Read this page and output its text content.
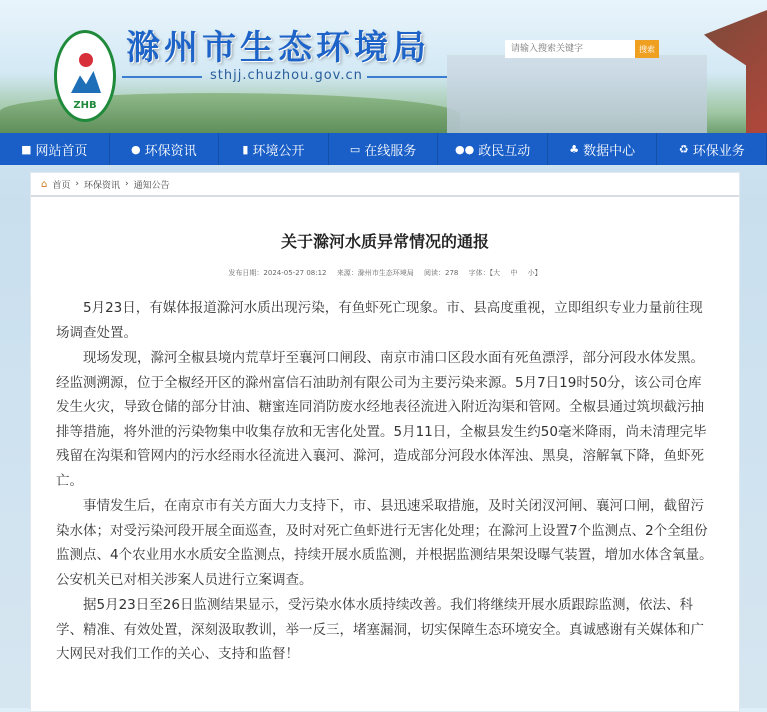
ZHB
滁州市生态环境局
sthjj.chuzhou.gov.cn
请输入搜索关键字
搜索
■ 网站首页	● 环保资讯	▮ 环境公开	▭ 在线服务	●● 政民互动	♣ 数据中心	♻ 环保业务
⌂ 首页 › 环保资讯 › 通知公告
关于滁河水质异常情况的通报
发布日期：2024-05-27 08:12 来源：滁州市生态环境局 阅读：278 字体：【大 中 小】

5月23日，有媒体报道滁河水质出现污染，有鱼虾死亡现象。市、县高度重视，立即组织专业力量前往现场调查处置。

现场发现，滁河全椒县境内荒草圩至襄河口闸段、南京市浦口区段水面有死鱼漂浮，部分河段水体发黑。经监测溯源，位于全椒经开区的滁州富信石油助剂有限公司为主要污染来源。5月7日19时50分，该公司仓库发生火灾，导致仓储的部分甘油、糖蜜连同消防废水经地表径流进入附近沟渠和管网。全椒县通过筑坝截污抽排等措施，将外泄的污染物集中收集存放和无害化处置。5月11日，全椒县发生约50毫米降雨，尚未清理完毕残留在沟渠和管网内的污水经雨水径流进入襄河、滁河，造成部分河段水体浑浊、黑臭，溶解氧下降，鱼虾死亡。

事情发生后，在南京市有关方面大力支持下，市、县迅速采取措施，及时关闭汊河闸、襄河口闸，截留污染水体；对受污染河段开展全面巡查，及时对死亡鱼虾进行无害化处理；在滁河上设置7个监测点、2个全组份监测点、4个农业用水水质安全监测点，持续开展水质监测，并根据监测结果架设曝气装置，增加水体含氧量。公安机关已对相关涉案人员进行立案调查。

据5月23日至26日监测结果显示，受污染水体水质持续改善。我们将继续开展水质跟踪监测，依法、科学、精准、有效处置，深刻汲取教训，举一反三，堵塞漏洞，切实保障生态环境安全。真诚感谢有关媒体和广大网民对我们工作的关心、支持和监督！
